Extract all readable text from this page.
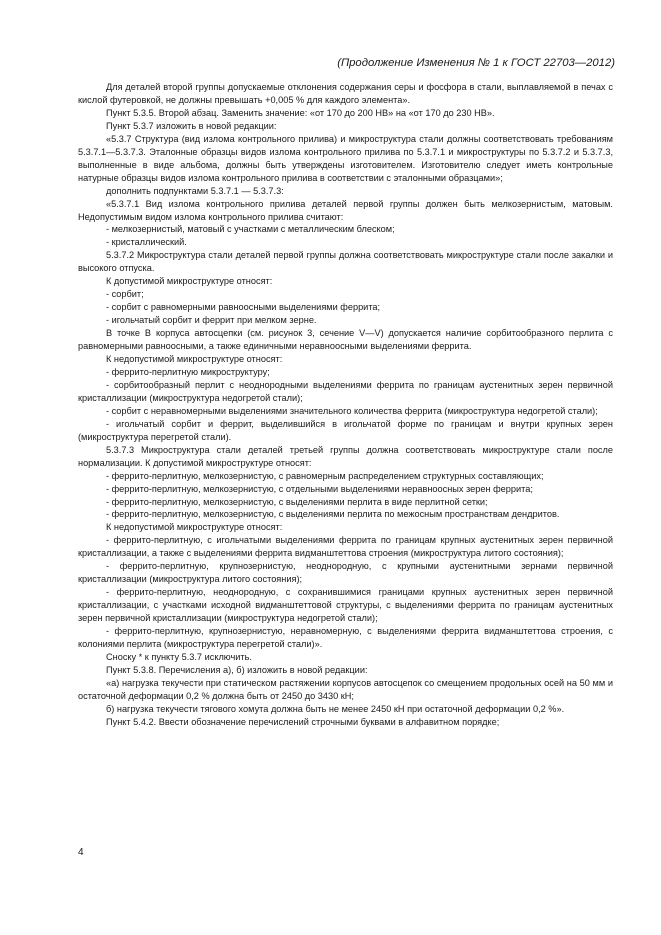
(Продолжение Изменения № 1 к ГОСТ 22703—2012)

Для деталей второй группы допускаемые отклонения содержания серы и фосфора в стали, выплавляемой в печах с кислой футеровкой, не должны превышать +0,005 % для каждого элемента».

Пункт 5.3.5. Второй абзац. Заменить значение: «от 170 до 200 НВ» на «от 170 до 230 НВ».

Пункт 5.3.7 изложить в новой редакции:

«5.3.7 Структура (вид излома контрольного прилива) и микроструктура стали должны соответствовать требованиям 5.3.7.1—5.3.7.3. Эталонные образцы видов излома контрольного прилива по 5.3.7.1 и микроструктуры по 5.3.7.2 и 5.3.7.3, выполненные в виде альбома, должны быть утверждены изготовителем. Изготовителю следует иметь контрольные натурные образцы видов излома контрольного прилива в соответствии с эталонными образцами»;

дополнить подпунктами 5.3.7.1 — 5.3.7.3:

«5.3.7.1 Вид излома контрольного прилива деталей первой группы должен быть мелкозернистым, матовым. Недопустимым видом излома контрольного прилива считают:

- мелкозернистый, матовый с участками с металлическим блеском;

- кристаллический.

5.3.7.2 Микроструктура стали деталей первой группы должна соответствовать микроструктуре стали после закалки и высокого отпуска.

К допустимой микроструктуре относят:

- сорбит;

- сорбит с равномерными равноосными выделениями феррита;

- игольчатый сорбит и феррит при мелком зерне.

В точке В корпуса автосцепки (см. рисунок 3, сечение V—V) допускается наличие сорбитообразного перлита с равномерными равноосными, а также единичными неравноосными выделениями феррита.

К недопустимой микроструктуре относят:

- феррито-перлитную микроструктуру;

- сорбитообразный перлит с неоднородными выделениями феррита по границам аустенитных зерен первичной кристаллизации (микроструктура недогретой стали);

- сорбит с неравномерными выделениями значительного количества феррита (микроструктура недогретой стали);

- игольчатый сорбит и феррит, выделившийся в игольчатой форме по границам и внутри крупных зерен (микроструктура перегретой стали).

5.3.7.3 Микроструктура стали деталей третьей группы должна соответствовать микроструктуре стали после нормализации. К допустимой микроструктуре относят:

- феррито-перлитную, мелкозернистую, с равномерным распределением структурных составляющих;

- феррито-перлитную, мелкозернистую, с отдельными выделениями неравноосных зерен феррита;

- феррито-перлитную, мелкозернистую, с выделениями перлита в виде перлитной сетки;

- феррито-перлитную, мелкозернистую, с выделениями перлита по межосным пространствам дендритов.

К недопустимой микроструктуре относят:

- феррито-перлитную, с игольчатыми выделениями феррита по границам крупных аустенитных зерен первичной кристаллизации, а также с выделениями феррита видманштеттова строения (микроструктура литого состояния);

- феррито-перлитную, крупнозернистую, неоднородную, с крупными аустенитными зернами первичной кристаллизации (микроструктура литого состояния);

- феррито-перлитную, неоднородную, с сохранившимися границами крупных аустенитных зерен первичной кристаллизации, с участками исходной видманштеттовой структуры, с выделениями феррита по границам аустенитных зерен первичной кристаллизации (микроструктура недогретой стали);

- феррито-перлитную, крупнозернистую, неравномерную, с выделениями феррита видманштеттова строения, с колониями перлита (микроструктура перегретой стали)».

Сноску * к пункту 5.3.7 исключить.

Пункт 5.3.8. Перечисления а), б) изложить в новой редакции:

«а) нагрузка текучести при статическом растяжении корпусов автосцепок со смещением продольных осей на 50 мм и остаточной деформации 0,2 % должна быть от 2450 до 3430 кН;

б) нагрузка текучести тягового хомута должна быть не менее 2450 кН при остаточной деформации 0,2 %».

Пункт 5.4.2. Ввести обозначение перечислений строчными буквами в алфавитном порядке;

4
